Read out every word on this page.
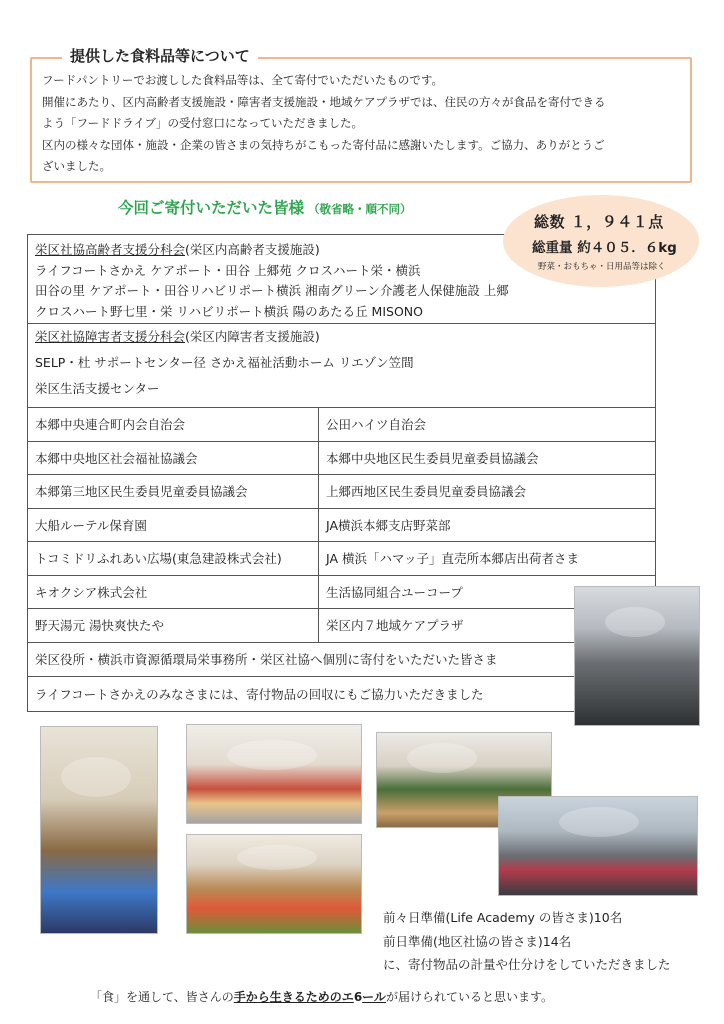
提供した食料品等について

フードパントリーでお渡しした食料品等は、全て寄付でいただいたものです。

開催にあたり、区内高齢者支援施設・障害者支援施設・地域ケアプラザでは、住民の方々が食品を寄付できる

よう「フードドライブ」の受付窓口になっていただきました。

区内の様々な団体・施設・企業の皆さまの気持ちがこもった寄付品に感謝いたします。ご協力、ありがとうご

ざいました。

今回ご寄付いただいた皆様 （敬省略・順不同）
栄区社協高齢者支援分科会(栄区内高齢者支援施設)
ライフコートさかえ ケアポート・田谷 上郷苑 クロスハート栄・横浜
田谷の里 ケアポート・田谷リハビリポート横浜 湘南グリーン介護老人保健施設 上郷
クロスハート野七里・栄 リハビリポート横浜 陽のあたる丘 MISONO
栄区社協障害者支援分科会(栄区内障害者支援施設)
SELP・杜 サポートセンター径 さかえ福祉活動ホーム リエゾン笠間
栄区生活支援センター
本郷中央連合町内会自治会	公田ハイツ自治会
本郷中央地区社会福祉協議会	本郷中央地区民生委員児童委員協議会
本郷第三地区民生委員児童委員協議会	上郷西地区民生委員児童委員協議会
大船ルーテル保育園	JA横浜本郷支店野菜部
トコミドリふれあい広場(東急建設株式会社)	JA 横浜「ハマッ子」直売所本郷店出荷者さま
キオクシア株式会社	生活協同組合ユーコープ
野天湯元 湯快爽快たや	栄区内７地域ケアプラザ
栄区役所・横浜市資源循環局栄事務所・栄区社協へ個別に寄付をいただいた皆さま
ライフコートさかえのみなさまには、寄付物品の回収にもご協力いただきました
総数 １，９４１点
総重量 約４０５．６kg
野菜・おもちゃ・日用品等は除く
前々日準備(Life Academy の皆さま)10名
前日準備(地区社協の皆さま)14名
に、寄付物品の計量や仕分けをしていただきました
「食」を通して、皆さんの手から生きるためのエ6ールが届けられていると思います。
